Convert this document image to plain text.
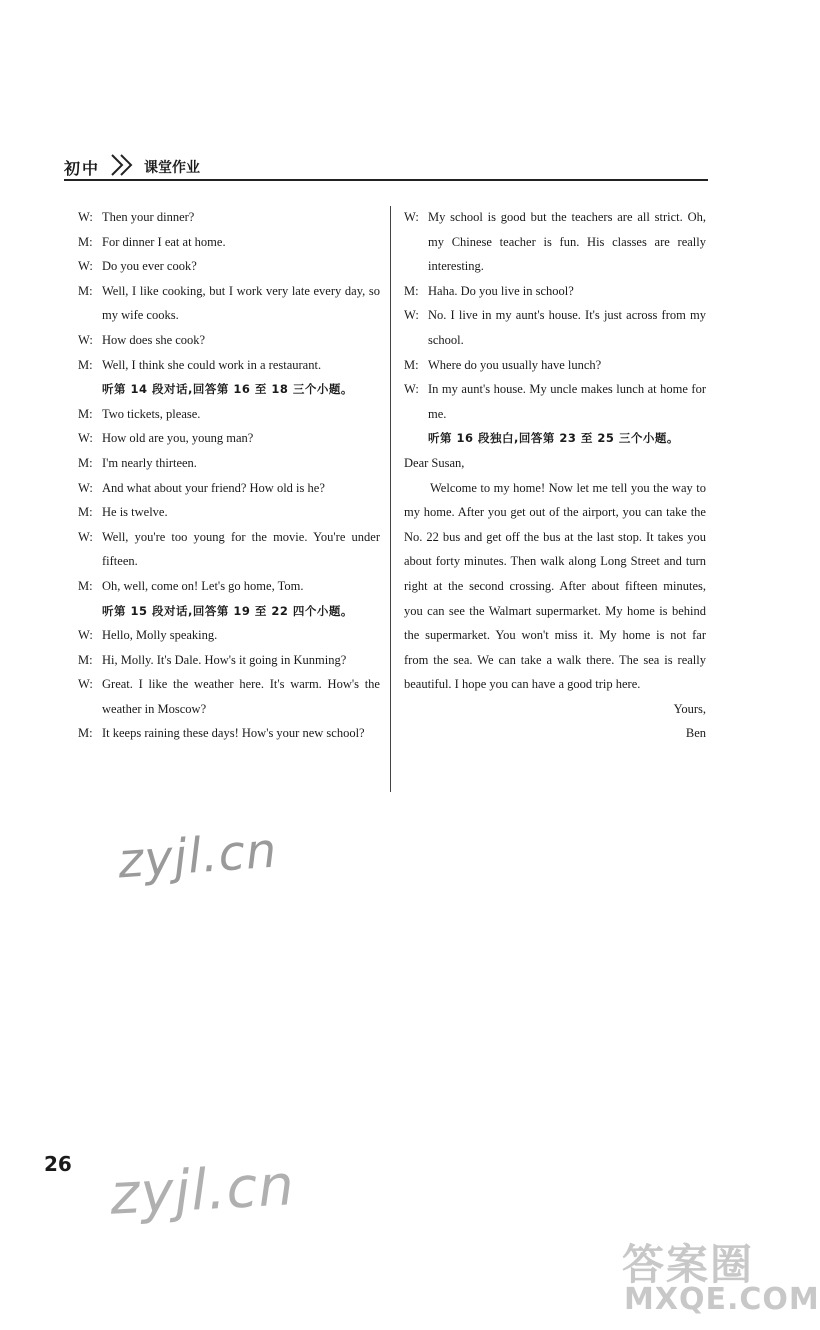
初中	课堂作业
W: Then your dinner?
M: For dinner I eat at home.
W: Do you ever cook?
M: Well, I like cooking, but I work very late every day, so my wife cooks.
W: How does she cook?
M: Well, I think she could work in a restaurant.
听第 14 段对话,回答第 16 至 18 三个小题。
M: Two tickets, please.
W: How old are you, young man?
M: I'm nearly thirteen.
W: And what about your friend? How old is he?
M: He is twelve.
W: Well, you're too young for the movie. You're under fifteen.
M: Oh, well, come on! Let's go home, Tom.
听第 15 段对话,回答第 19 至 22 四个小题。
W: Hello, Molly speaking.
M: Hi, Molly. It's Dale. How's it going in Kunming?
W: Great. I like the weather here. It's warm. How's the weather in Moscow?
M: It keeps raining these days! How's your new school?
W: My school is good but the teachers are all strict. Oh, my Chinese teacher is fun. His classes are really interesting.
M: Haha. Do you live in school?
W: No. I live in my aunt's house. It's just across from my school.
M: Where do you usually have lunch?
W: In my aunt's house. My uncle makes lunch at home for me.
听第 16 段独白,回答第 23 至 25 三个小题。
Dear Susan,
Welcome to my home! Now let me tell you the way to my home. After you get out of the airport, you can take the No. 22 bus and get off the bus at the last stop. It takes you about forty minutes. Then walk along Long Street and turn right at the second crossing. After about fifteen minutes, you can see the Walmart supermarket. My home is behind the supermarket. You won't miss it. My home is not far from the sea. We can take a walk there. The sea is really beautiful. I hope you can have a good trip here.
Yours,
Ben
26
zyjl.cn
zyjl.cn
答案圈
MXQE.COM
